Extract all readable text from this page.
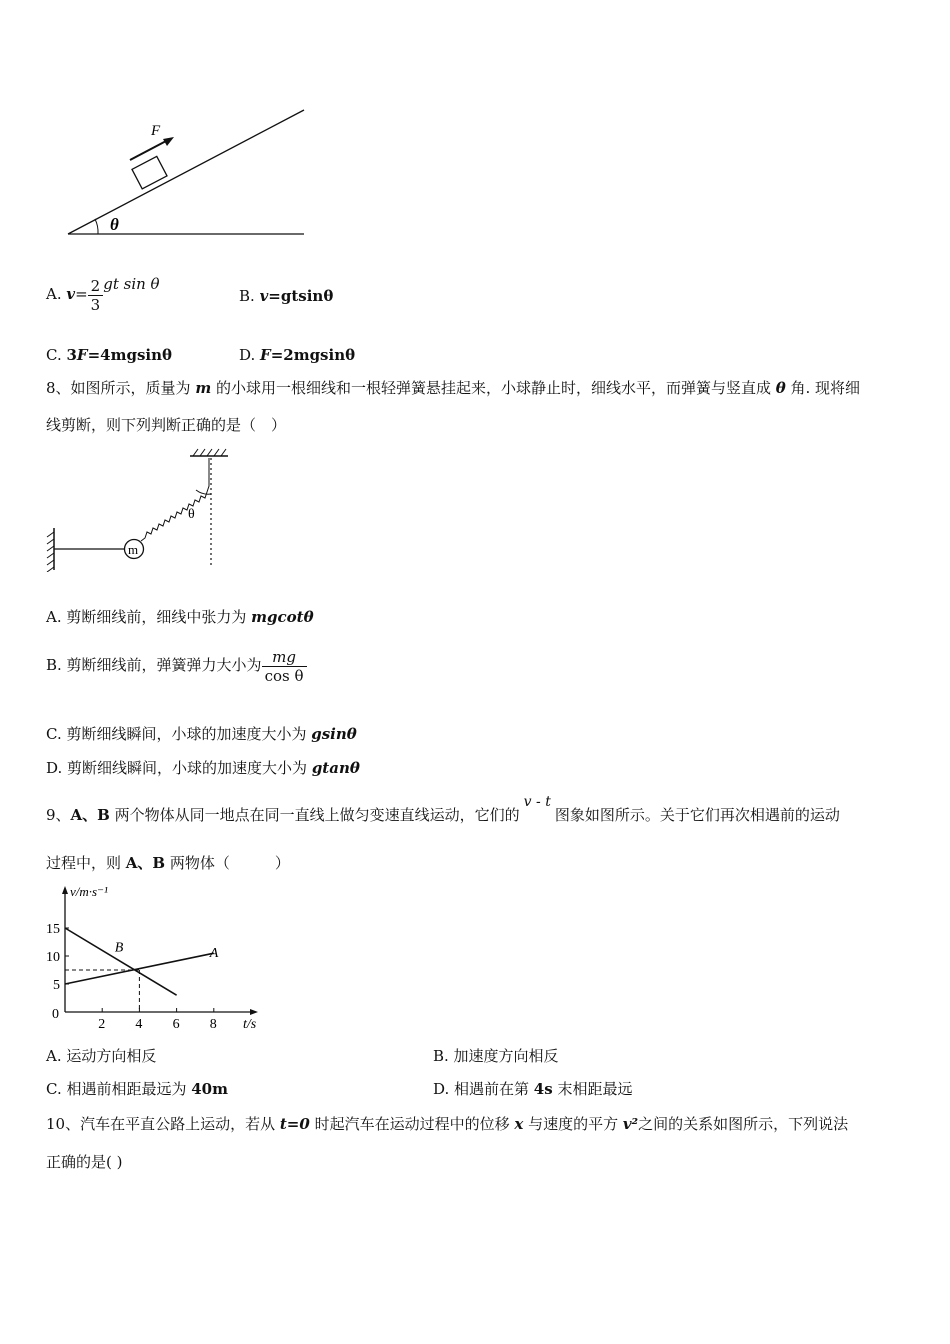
θ
F
A. $v= \frac{2}{3}$ gt sin θ
B. v=gtsinθ
C. 3F=4mgsinθ	D. F=2mgsinθ
8、如图所示，质量为 m 的小球用一根细线和一根轻弹簧悬挂起来，小球静止时，细线水平，而弹簧与竖直成 θ 角. 现将细
线剪断，则下列判断正确的是（　）
m
θ
A. 剪断细线前，细线中张力为 mgcotθ
B. 剪断细线前，弹簧弹力大小为 $\frac{mg}{\text{cos θ}}$
C. 剪断细线瞬间，小球的加速度大小为 gsinθ
D. 剪断细线瞬间，小球的加速度大小为 gtanθ
9、A、B 两个物体从同一地点在同一直线上做匀变速直线运动，它们的v - t图象如图所示。关于它们再次相遇前的运动
过程中，则 A、B 两物体（　　　）
2 4 6 8
5
10
15
0
v/m·s⁻¹
t/s
A
B
A. 运动方向相反	B. 加速度方向相反
C. 相遇前相距最远为 40m	D. 相遇前在第 4s 末相距最远
10、汽车在平直公路上运动，若从 t=0 时起汽车在运动过程中的位移 x 与速度的平方 v²之间的关系如图所示，下列说法
正确的是( )
